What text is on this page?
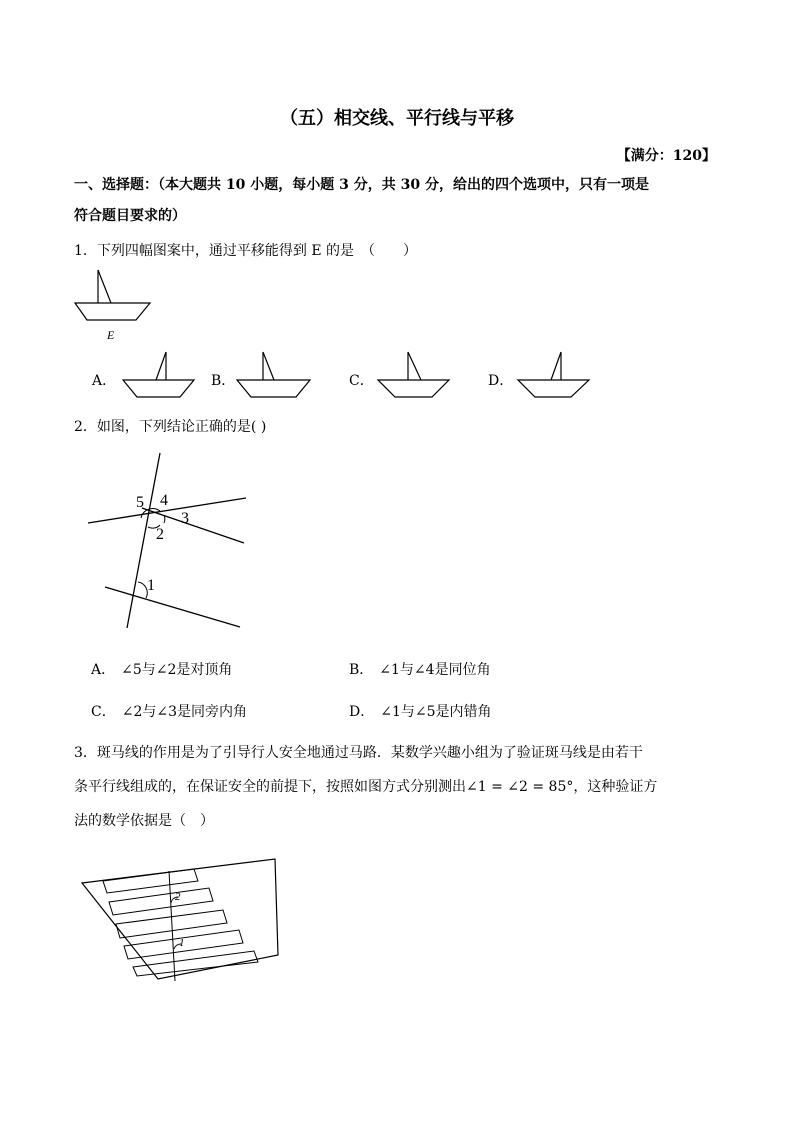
（五）相交线、平行线与平移
【满分：120】
一、选择题：（本大题共 10 小题，每小题 3 分，共 30 分，给出的四个选项中，只有一项是
符合题目要求的）
1．下列四幅图案中，通过平移能得到 E 的是　（　　）
E
A．	B．	C．	D．
2．如图，下列结论正确的是( )
5 4
3
2
1
A． ∠5与∠2是对顶角	B． ∠1与∠4是同位角
C． ∠2与∠3是同旁内角	D． ∠1与∠5是内错角
3．斑马线的作用是为了引导行人安全地通过马路．某数学兴趣小组为了验证斑马线是由若干
条平行线组成的，在保证安全的前提下，按照如图方式分别测出∠1 = ∠2 = 85°，这种验证方
法的数学依据是（　）
2
1
